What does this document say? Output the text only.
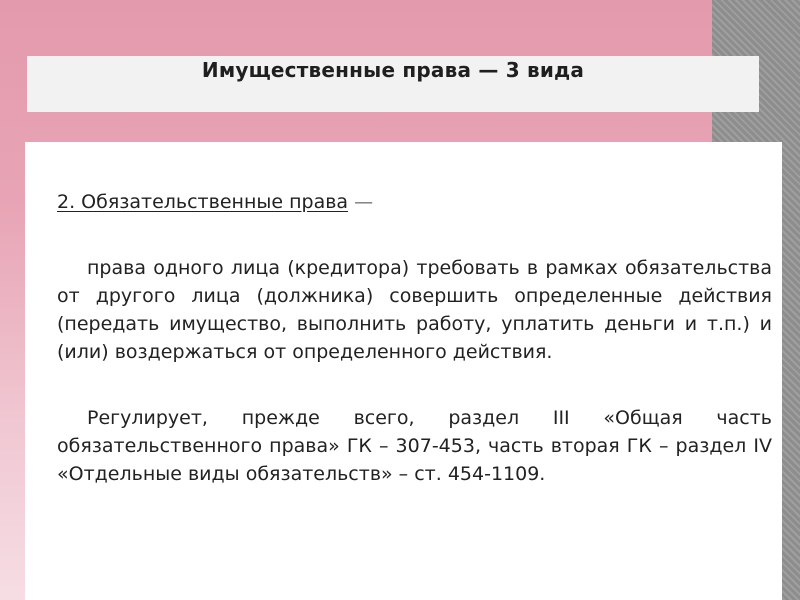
Имущественные права — 3 вида
2. Обязательственные права —

права одного лица (кредитора) требовать в рамках обязательства от другого лица (должника) совершить определенные действия (передать имущество, выполнить работу, уплатить деньги и т.п.) и (или) воздержаться от определенного действия.

Регулирует, прежде всего, раздел III «Общая часть обязательственного права» ГК – 307-453, часть вторая ГК – раздел IV «Отдельные виды обязательств» – ст. 454-1109.
